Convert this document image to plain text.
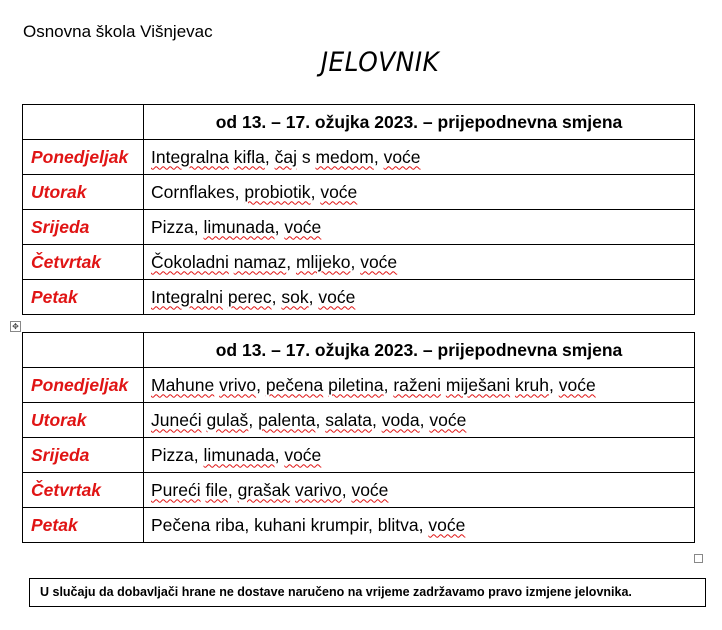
Osnovna škola Višnjevac
JELOVNIK
	od 13. – 17. ožujka 2023. – prijepodnevna smjena
Ponedjeljak	Integralna kifla, čaj s medom, voće
Utorak	Cornflakes, probiotik, voće
Srijeda	Pizza, limunada, voće
Četvrtak	Čokoladni namaz, mlijeko, voće
Petak	Integralni perec, sok, voće
✥
	od 13. – 17. ožujka 2023. – prijepodnevna smjena
Ponedjeljak	Mahune vrivo, pečena piletina, raženi miješani kruh, voće
Utorak	Juneći gulaš, palenta, salata, voda, voće
Srijeda	Pizza, limunada, voće
Četvrtak	Pureći file, grašak varivo, voće
Petak	Pečena riba, kuhani krumpir, blitva, voće
U slučaju da dobavljači hrane ne dostave naručeno na vrijeme zadržavamo pravo izmjene jelovnika.
